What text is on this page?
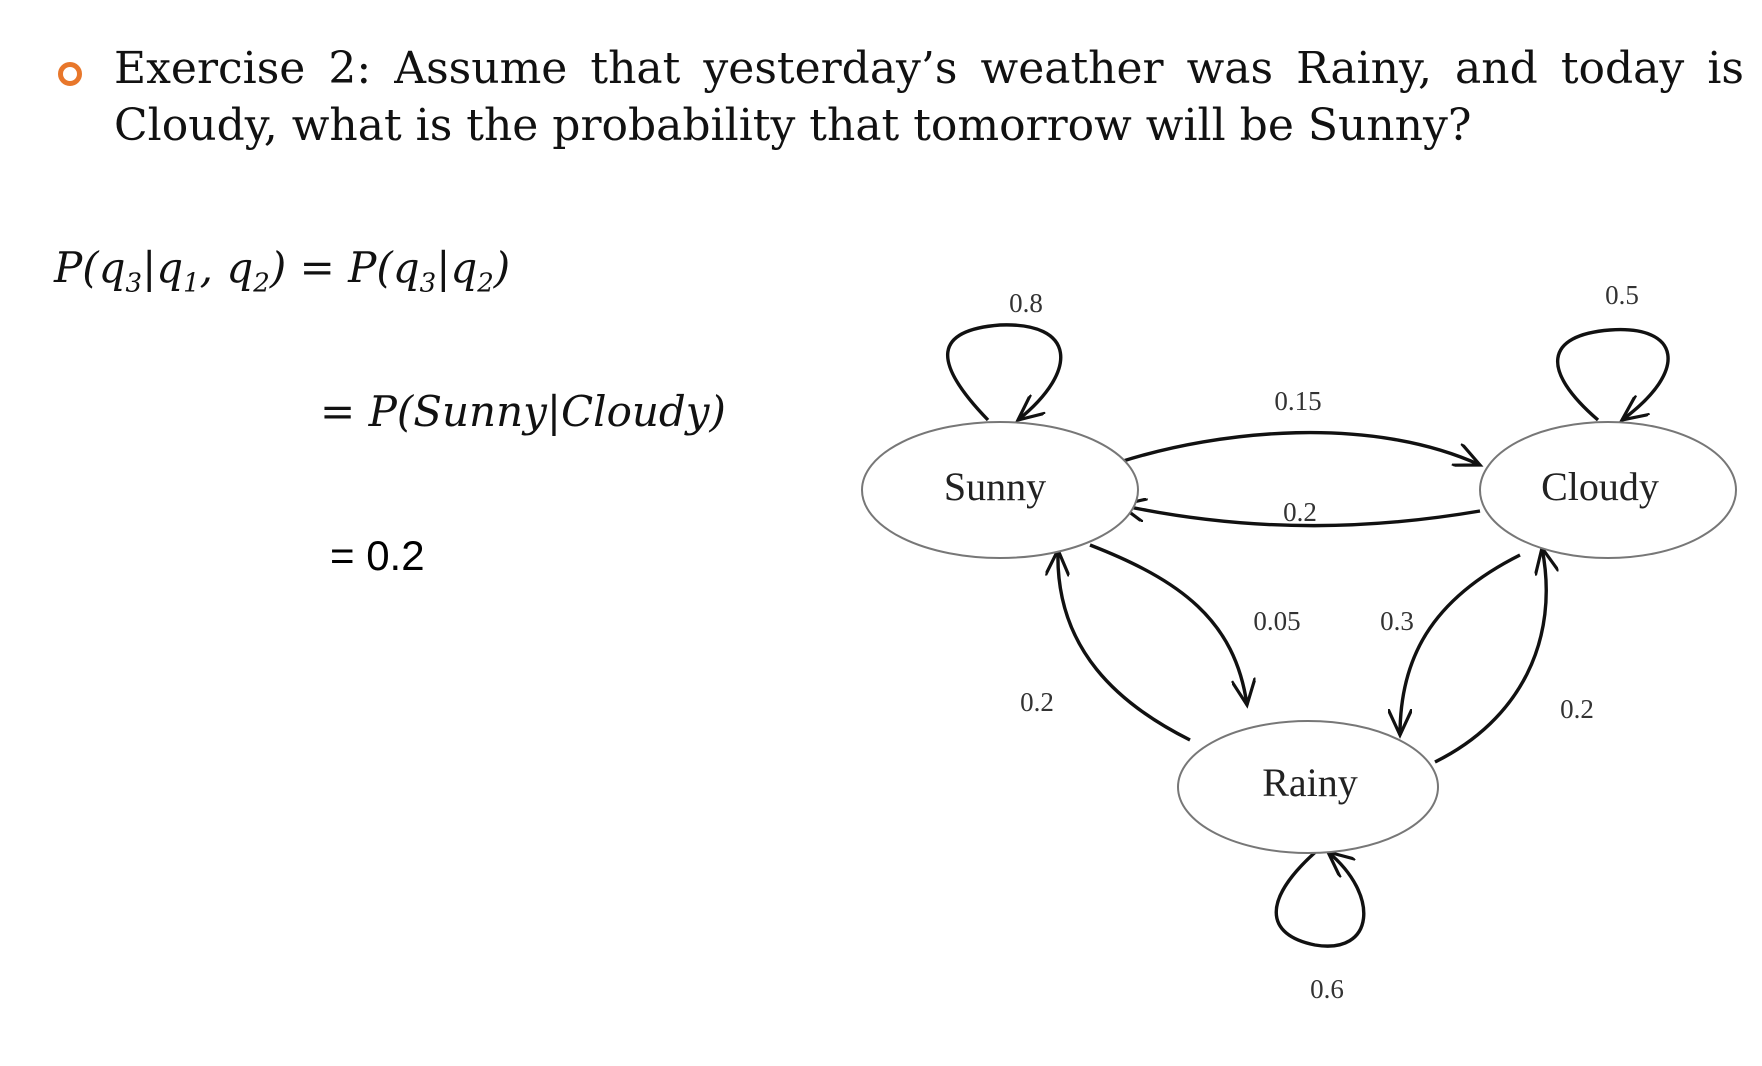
Exercise 2: Assume that yesterday’s weather was Rainy, and today is Cloudy, what is the probability that tomorrow will be Sunny?
$P(q_3|q_1$, $q_2) = P(q_3|q_2)$
= P(Sunny|Cloudy)
= 0.2
Sunny	Cloudy
Rainy
0.8	0.5
0.6
0.15
0.2
0.05	0.3
0.2	0.2
